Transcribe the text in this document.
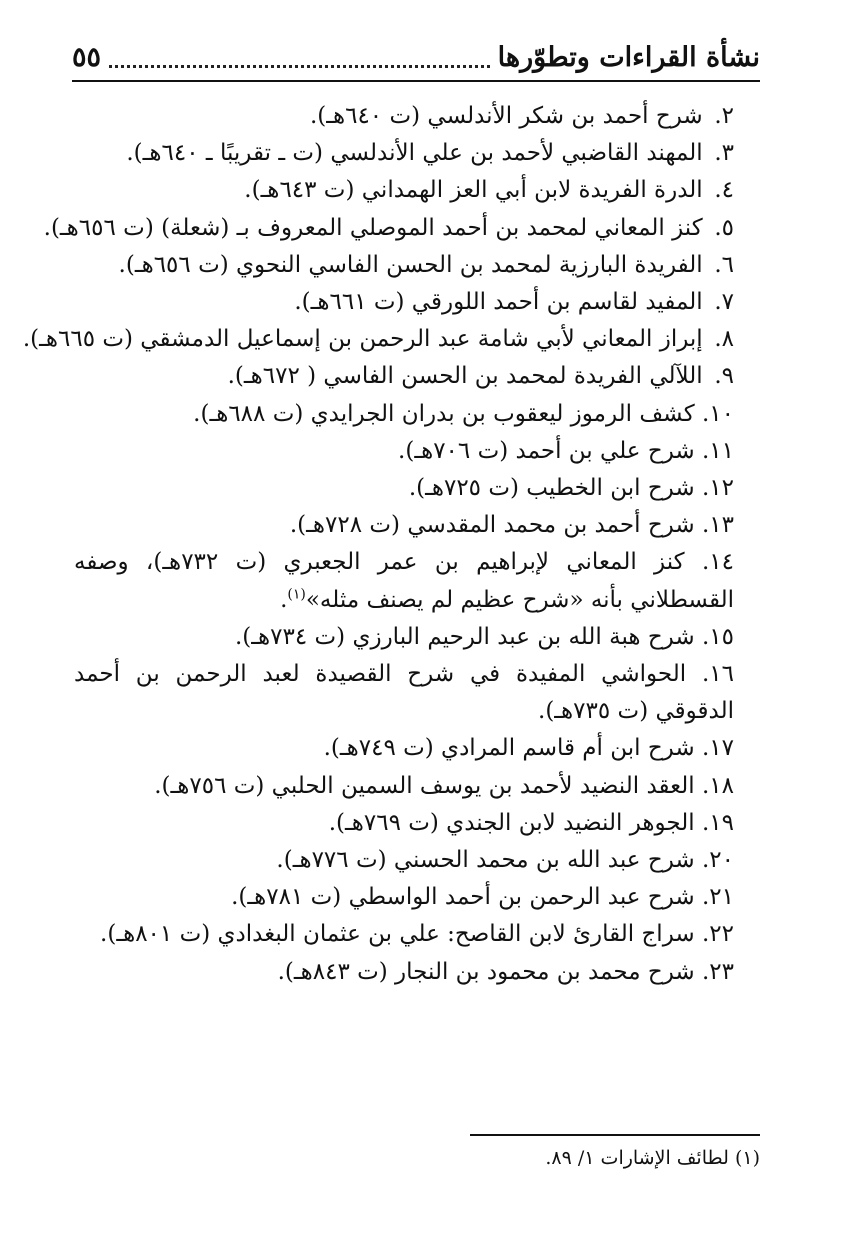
نشأة القراءات وتطوّرها
٥٥
٢. شرح أحمد بن شكر الأندلسي (ت ٦٤٠هـ).
٣. المهند القاضبي لأحمد بن علي الأندلسي (ت ـ تقريبًا ـ ٦٤٠هـ).
٤. الدرة الفريدة لابن أبي العز الهمداني (ت ٦٤٣هـ).
٥. كنز المعاني لمحمد بن أحمد الموصلي المعروف بـ (شعلة) (ت ٦٥٦هـ).
٦. الفريدة البارزية لمحمد بن الحسن الفاسي النحوي (ت ٦٥٦هـ).
٧. المفيد لقاسم بن أحمد اللورقي (ت ٦٦١هـ).
٨. إبراز المعاني لأبي شامة عبد الرحمن بن إسماعيل الدمشقي (ت ٦٦٥هـ).
٩. اللآلي الفريدة لمحمد بن الحسن الفاسي ( ٦٧٢هـ).
١٠. كشف الرموز ليعقوب بن بدران الجرايدي (ت ٦٨٨هـ).
١١. شرح علي بن أحمد (ت ٧٠٦هـ).
١٢. شرح ابن الخطيب (ت ٧٢٥هـ).
١٣. شرح أحمد بن محمد المقدسي (ت ٧٢٨هـ).
١٤. كنز المعاني لإبراهيم بن عمر الجعبري (ت ٧٣٢هـ)، وصفه القسطلاني بأنه «شرح عظيم لم يصنف مثله»$^{(١)}$.
١٥. شرح هبة الله بن عبد الرحيم البارزي (ت ٧٣٤هـ).
١٦. الحواشي المفيدة في شرح القصيدة لعبد الرحمن بن أحمد الدقوقي (ت ٧٣٥هـ).
١٧. شرح ابن أم قاسم المرادي (ت ٧٤٩هـ).
١٨. العقد النضيد لأحمد بن يوسف السمين الحلبي (ت ٧٥٦هـ).
١٩. الجوهر النضيد لابن الجندي (ت ٧٦٩هـ).
٢٠. شرح عبد الله بن محمد الحسني (ت ٧٧٦هـ).
٢١. شرح عبد الرحمن بن أحمد الواسطي (ت ٧٨١هـ).
٢٢. سراج القارئ لابن القاصح: علي بن عثمان البغدادي (ت ٨٠١هـ).
٢٣. شرح محمد بن محمود بن النجار (ت ٨٤٣هـ).
(١) لطائف الإشارات ١/ ٨٩.
